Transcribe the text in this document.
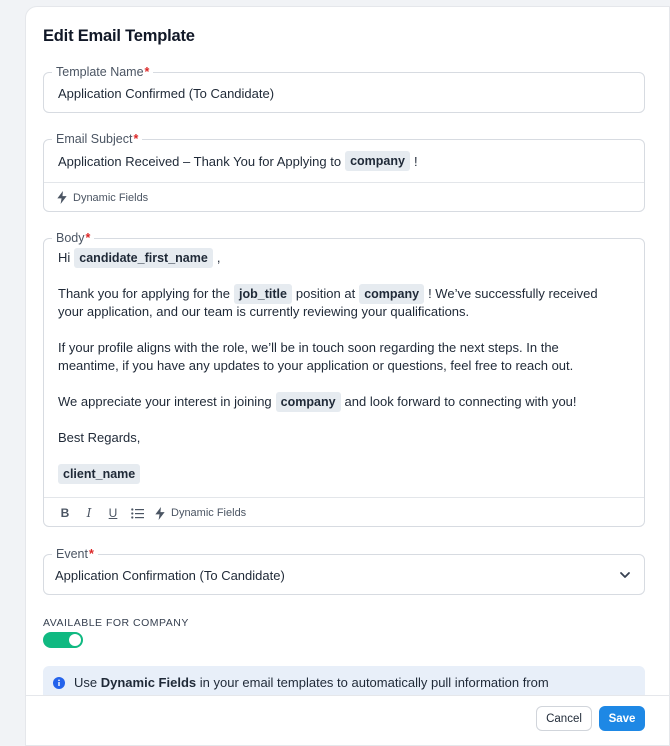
Edit Email Template
Template Name*
Application Confirmed (To Candidate)
Email Subject*
Application Received – Thank You for Applying to company !
Dynamic Fields
Body*
Hi candidate_first_name ,
Thank you for applying for the job_title position at company ! We’ve successfully received
your application, and our team is currently reviewing your qualifications.
If your profile aligns with the role, we’ll be in touch soon regarding the next steps. In the
meantime, if you have any updates to your application or questions, feel free to reach out.
We appreciate your interest in joining company and look forward to connecting with you!
Best Regards,
client_name
B	I	U	Dynamic Fields
Event*
Application Confirmation (To Candidate)
AVAILABLE FOR COMPANY
Use Dynamic Fields in your email templates to automatically pull information from
Cancel	Save
